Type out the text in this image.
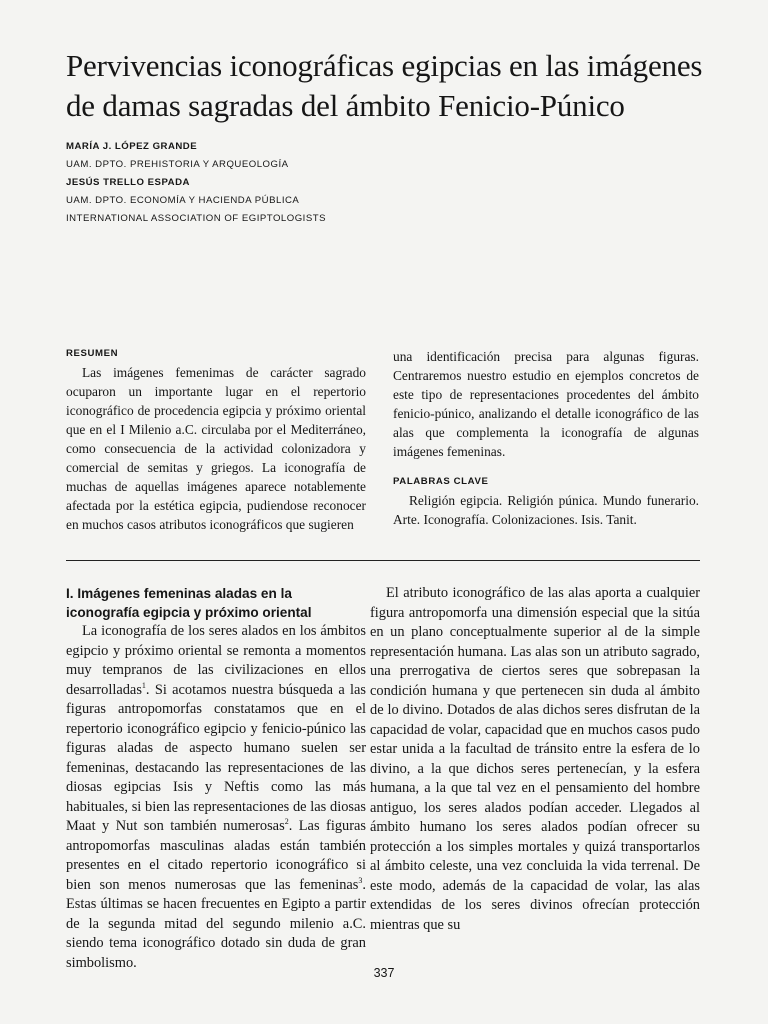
Pervivencias iconográficas egipcias en las imágenes de damas sagradas del ámbito Fenicio-Púnico
MARÍA J. LÓPEZ GRANDE
UAM. DPTO. PREHISTORIA Y ARQUEOLOGÍA
JESÚS TRELLO ESPADA
UAM. DPTO. ECONOMÍA Y HACIENDA PÚBLICA
INTERNATIONAL ASSOCIATION OF EGIPTOLOGISTS
RESUMEN

Las imágenes femenimas de carácter sagrado ocuparon un importante lugar en el repertorio iconográfico de procedencia egipcia y próximo oriental que en el I Milenio a.C. circulaba por el Mediterráneo, como consecuencia de la actividad colonizadora y comercial de semitas y griegos. La iconografía de muchas de aquellas imágenes aparece notablemente afectada por la estética egipcia, pudiendose reconocer en muchos casos atributos iconográficos que sugieren

una identificación precisa para algunas figuras. Centraremos nuestro estudio en ejemplos concretos de este tipo de representaciones procedentes del ámbito fenicio-púnico, analizando el detalle iconográfico de las alas que complementa la iconografía de algunas imágenes femeninas.

PALABRAS CLAVE

Religión egipcia. Religión púnica. Mundo funerario. Arte. Iconografía. Colonizaciones. Isis. Tanit.

I. Imágenes femeninas aladas en la iconografía egipcia y próximo oriental

La iconografía de los seres alados en los ámbitos egipcio y próximo oriental se remonta a momentos muy tempranos de las civilizaciones en ellos desarrolladas$^1$. Si acotamos nuestra búsqueda a las figuras antropomorfas constatamos que en el repertorio iconográfico egipcio y fenicio-púnico las figuras aladas de aspecto humano suelen ser femeninas, destacando las representaciones de las diosas egipcias Isis y Neftis como las más habituales, si bien las representaciones de las diosas Maat y Nut son también numerosas$^2$. Las figuras antropomorfas masculinas aladas están también presentes en el citado repertorio iconográfico si bien son menos numerosas que las femeninas$^3$. Estas últimas se hacen frecuentes en Egipto a partir de la segunda mitad del segundo milenio a.C. siendo tema iconográfico dotado sin duda de gran simbolismo.

El atributo iconográfico de las alas aporta a cualquier figura antropomorfa una dimensión especial que la sitúa en un plano conceptualmente superior al de la simple representación humana. Las alas son un atributo sagrado, una prerrogativa de ciertos seres que sobrepasan la condición humana y que pertenecen sin duda al ámbito de lo divino. Dotados de alas dichos seres disfrutan de la capacidad de volar, capacidad que en muchos casos pudo estar unida a la facultad de tránsito entre la esfera de lo divino, a la que dichos seres pertenecían, y la esfera humana, a la que tal vez en el pensamiento del hombre antiguo, los seres alados podían acceder. Llegados al ámbito humano los seres alados podían ofrecer su protección a los simples mortales y quizá transportarlos al ámbito celeste, una vez concluida la vida terrenal. De este modo, además de la capacidad de volar, las alas extendidas de los seres divinos ofrecían protección mientras que su

337
